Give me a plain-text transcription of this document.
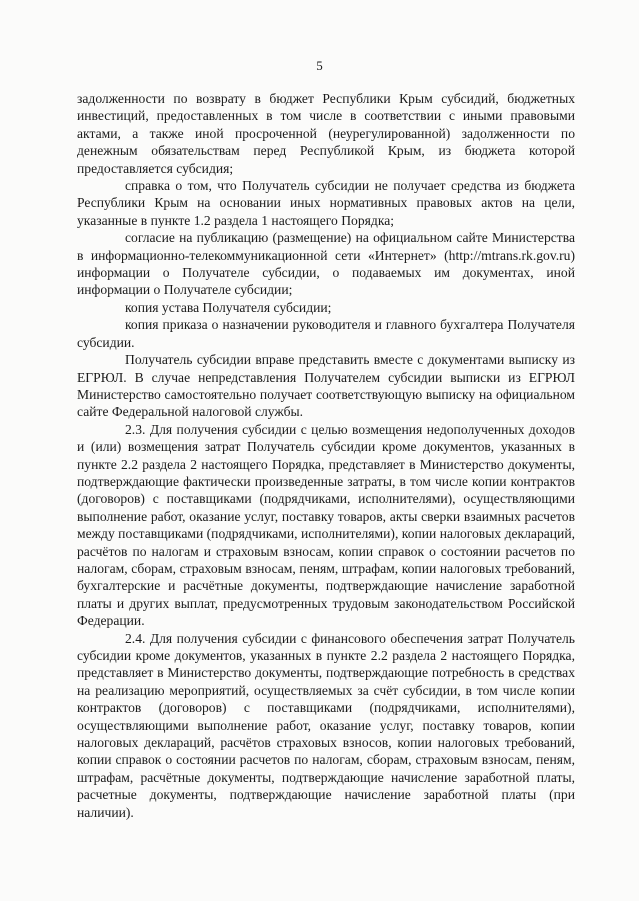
5

задолженности по возврату в бюджет Республики Крым субсидий, бюджетных инвестиций, предоставленных в том числе в соответствии с иными правовыми актами, а также иной просроченной (неурегулированной) задолженности по денежным обязательствам перед Республикой Крым, из бюджета которой предоставляется субсидия;

справка о том, что Получатель субсидии не получает средства из бюджета Республики Крым на основании иных нормативных правовых актов на цели, указанные в пункте 1.2 раздела 1 настоящего Порядка;

согласие на публикацию (размещение) на официальном сайте Министерства в информационно-телекоммуникационной сети «Интернет» (http://mtrans.rk.gov.ru) информации о Получателе субсидии, о подаваемых им документах, иной информации о Получателе субсидии;

копия устава Получателя субсидии;

копия приказа о назначении руководителя и главного бухгалтера Получателя субсидии.

Получатель субсидии вправе представить вместе с документами выписку из ЕГРЮЛ. В случае непредставления Получателем субсидии выписки из ЕГРЮЛ Министерство самостоятельно получает соответствующую выписку на официальном сайте Федеральной налоговой службы.

2.3. Для получения субсидии с целью возмещения недополученных доходов и (или) возмещения затрат Получатель субсидии кроме документов, указанных в пункте 2.2 раздела 2 настоящего Порядка, представляет в Министерство документы, подтверждающие фактически произведенные затраты, в том числе копии контрактов (договоров) с поставщиками (подрядчиками, исполнителями), осуществляющими выполнение работ, оказание услуг, поставку товаров, акты сверки взаимных расчетов между поставщиками (подрядчиками, исполнителями), копии налоговых деклараций, расчётов по налогам и страховым взносам, копии справок о состоянии расчетов по налогам, сборам, страховым взносам, пеням, штрафам, копии налоговых требований, бухгалтерские и расчётные документы, подтверждающие начисление заработной платы и других выплат, предусмотренных трудовым законодательством Российской Федерации.

2.4. Для получения субсидии с финансового обеспечения затрат Получатель субсидии кроме документов, указанных в пункте 2.2 раздела 2 настоящего Порядка, представляет в Министерство документы, подтверждающие потребность в средствах на реализацию мероприятий, осуществляемых за счёт субсидии, в том числе копии контрактов (договоров) с поставщиками (подрядчиками, исполнителями), осуществляющими выполнение работ, оказание услуг, поставку товаров, копии налоговых деклараций, расчётов страховых взносов, копии налоговых требований, копии справок о состоянии расчетов по налогам, сборам, страховым взносам, пеням, штрафам, расчётные документы, подтверждающие начисление заработной платы, расчетные документы, подтверждающие начисление заработной платы (при наличии).
